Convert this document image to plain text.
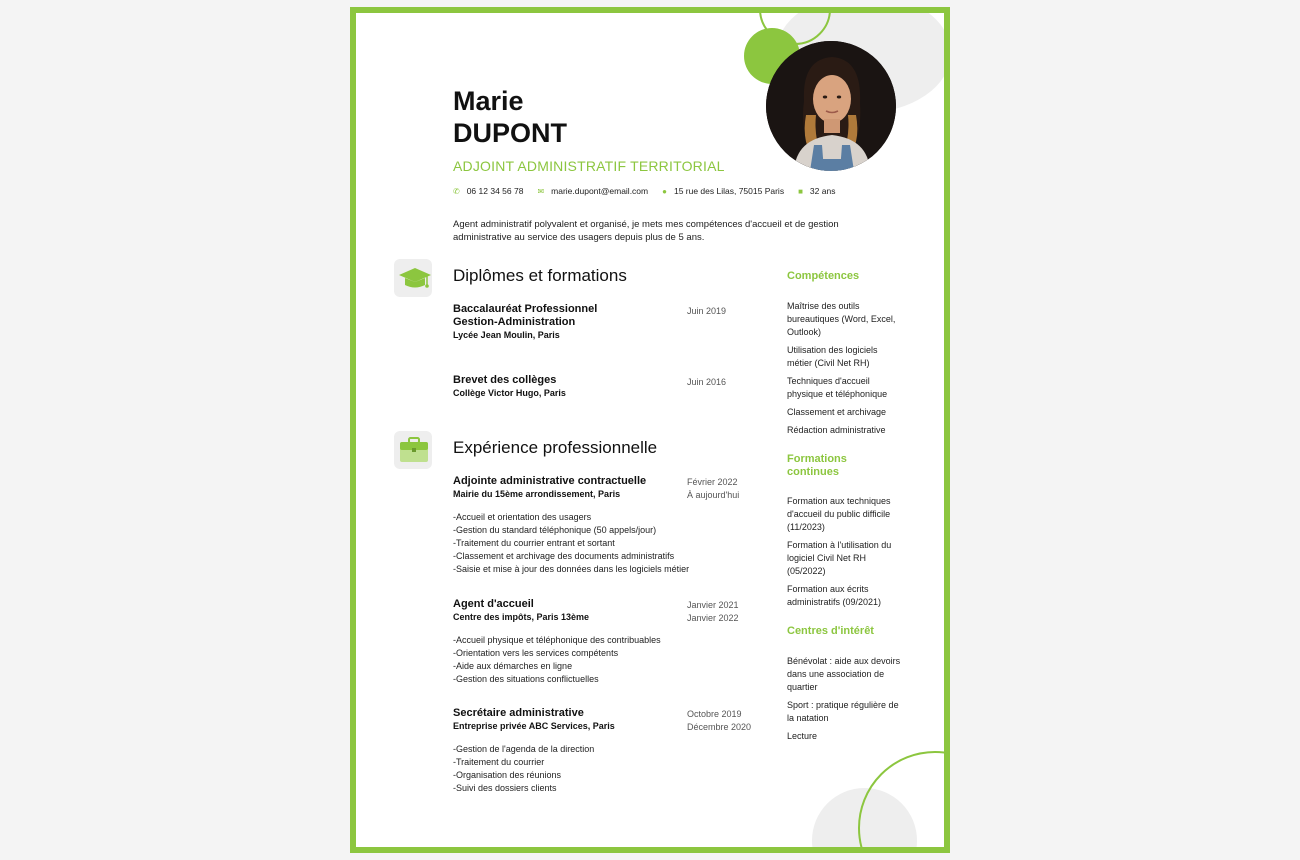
Marie
DUPONT
ADJOINT ADMINISTRATIF TERRITORIAL
✆ 06 12 34 56 78 ✉ marie.dupont@email.com ● 15 rue des Lilas, 75015 Paris ■ 32 ans
Agent administratif polyvalent et organisé, je mets mes compétences d'accueil et de gestion administrative au service des usagers depuis plus de 5 ans.
Diplômes et formations
Baccalauréat Professionnel
Gestion-Administration
Lycée Jean Moulin, Paris
Juin 2019
Brevet des collèges
Collège Victor Hugo, Paris
Juin 2016
Expérience professionnelle
Adjointe administrative contractuelle
Mairie du 15ème arrondissement, Paris
Février 2022
À aujourd'hui
-Accueil et orientation des usagers
-Gestion du standard téléphonique (50 appels/jour)
-Traitement du courrier entrant et sortant
-Classement et archivage des documents administratifs
-Saisie et mise à jour des données dans les logiciels métier
Agent d'accueil
Centre des impôts, Paris 13ème
Janvier 2021
Janvier 2022
-Accueil physique et téléphonique des contribuables
-Orientation vers les services compétents
-Aide aux démarches en ligne
-Gestion des situations conflictuelles
Secrétaire administrative
Entreprise privée ABC Services, Paris
Octobre 2019
Décembre 2020
-Gestion de l'agenda de la direction
-Traitement du courrier
-Organisation des réunions
-Suivi des dossiers clients
Compétences
Maîtrise des outils bureautiques (Word, Excel, Outlook)
Utilisation des logiciels métier (Civil Net RH)
Techniques d'accueil physique et téléphonique
Classement et archivage
Rédaction administrative
Formations continues
Formation aux techniques d'accueil du public difficile (11/2023)
Formation à l'utilisation du logiciel Civil Net RH (05/2022)
Formation aux écrits administratifs (09/2021)
Centres d'intérêt
Bénévolat : aide aux devoirs dans une association de quartier
Sport : pratique régulière de la natation
Lecture
